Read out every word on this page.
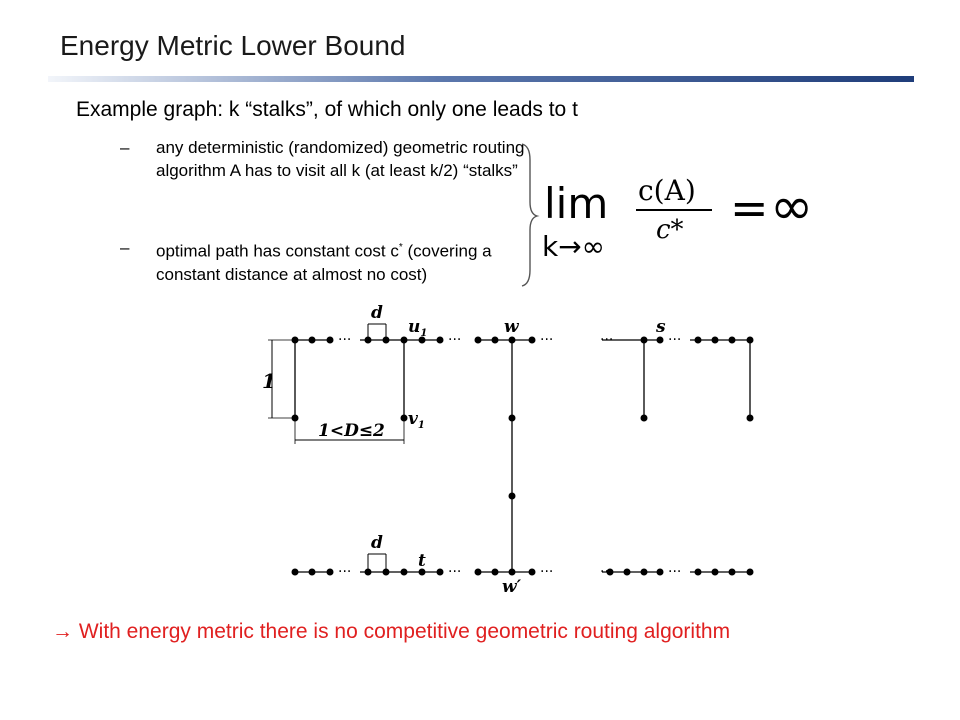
Energy Metric Lower Bound
Example graph: k “stalks”, of which only one leads to t
– any deterministic (randomized) geometric routing algorithm A has to visit all k (at least k/2) “stalks”
– optimal path has constant cost c* (covering a constant distance at almost no cost)
lim
k→∞
c(A)
c* = ∞
d
···	···	···	···	···
$u_1$	w	s
$v_1$
1
1<D≤2
d
···	···	···	···	···
t
w′
→ With energy metric there is no competitive geometric routing algorithm
